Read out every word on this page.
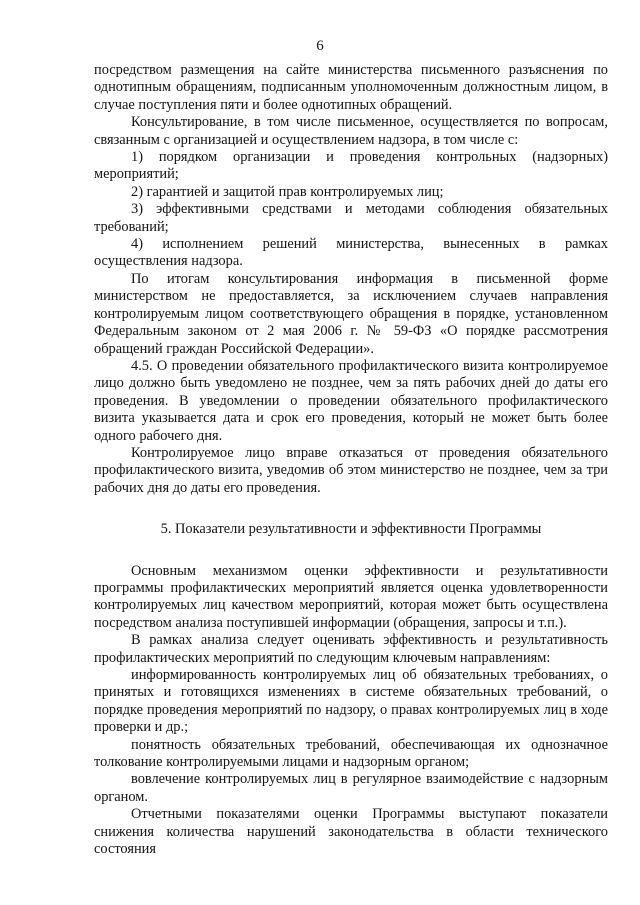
6

посредством размещения на сайте министерства письменного разъяснения по однотипным обращениям, подписанным уполномоченным должностным лицом, в случае поступления пяти и более однотипных обращений.

Консультирование, в том числе письменное, осуществляется по вопросам, связанным с организацией и осуществлением надзора, в том числе с:

1) порядком организации и проведения контрольных (надзорных) мероприятий;

2) гарантией и защитой прав контролируемых лиц;

3) эффективными средствами и методами соблюдения обязательных требований;

4) исполнением решений министерства, вынесенных в рамках осуществления надзора.

По итогам консультирования информация в письменной форме министерством не предоставляется, за исключением случаев направления контролируемым лицом соответствующего обращения в порядке, установленном Федеральным законом от 2 мая 2006 г. № 59-ФЗ «О порядке рассмотрения обращений граждан Российской Федерации».

4.5. О проведении обязательного профилактического визита контролируемое лицо должно быть уведомлено не позднее, чем за пять рабочих дней до даты его проведения. В уведомлении о проведении обязательного профилактического визита указывается дата и срок его проведения, который не может быть более одного рабочего дня.

Контролируемое лицо вправе отказаться от проведения обязательного профилактического визита, уведомив об этом министерство не позднее, чем за три рабочих дня до даты его проведения.

5. Показатели результативности и эффективности Программы

Основным механизмом оценки эффективности и результативности программы профилактических мероприятий является оценка удовлетворенности контролируемых лиц качеством мероприятий, которая может быть осуществлена посредством анализа поступившей информации (обращения, запросы и т.п.).

В рамках анализа следует оценивать эффективность и результативность профилактических мероприятий по следующим ключевым направлениям:

информированность контролируемых лиц об обязательных требованиях, о принятых и готовящихся изменениях в системе обязательных требований, о порядке проведения мероприятий по надзору, о правах контролируемых лиц в ходе проверки и др.;

понятность обязательных требований, обеспечивающая их однозначное толкование контролируемыми лицами и надзорным органом;

вовлечение контролируемых лиц в регулярное взаимодействие с надзорным органом.

Отчетными показателями оценки Программы выступают показатели снижения количества нарушений законодательства в области технического состояния
